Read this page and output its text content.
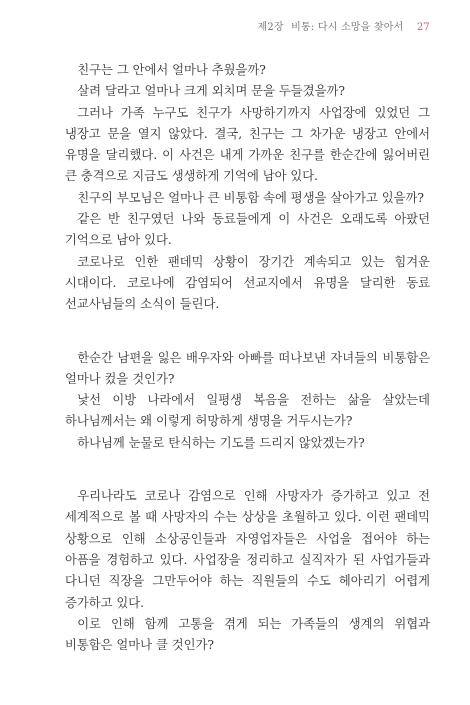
제2장 비통: 다시 소망을 찾아서 27

친구는 그 안에서 얼마나 추웠을까?

살려 달라고 얼마나 크게 외치며 문을 두들겼을까?

그러나 가족 누구도 친구가 사망하기까지 사업장에 있었던 그 냉장고 문을 열지 않았다. 결국, 친구는 그 차가운 냉장고 안에서 유명을 달리했다. 이 사건은 내게 가까운 친구를 한순간에 잃어버린 큰 충격으로 지금도 생생하게 기억에 남아 있다.

친구의 부모님은 얼마나 큰 비통함 속에 평생을 살아가고 있을까?

같은 반 친구였던 나와 동료들에게 이 사건은 오래도록 아팠던 기억으로 남아 있다.

코로나로 인한 팬데믹 상황이 장기간 계속되고 있는 힘겨운 시대이다. 코로나에 감염되어 선교지에서 유명을 달리한 동료 선교사님들의 소식이 들린다.

한순간 남편을 잃은 배우자와 아빠를 떠나보낸 자녀들의 비통함은 얼마나 컸을 것인가?

낯선 이방 나라에서 일평생 복음을 전하는 삶을 살았는데 하나님께서는 왜 이렇게 허망하게 생명을 거두시는가?

하나님께 눈물로 탄식하는 기도를 드리지 않았겠는가?

우리나라도 코로나 감염으로 인해 사망자가 증가하고 있고 전 세계적으로 볼 때 사망자의 수는 상상을 초월하고 있다. 이런 팬데믹 상황으로 인해 소상공인들과 자영업자들은 사업을 접어야 하는 아픔을 경험하고 있다. 사업장을 정리하고 실직자가 된 사업가들과 다니던 직장을 그만두어야 하는 직원들의 수도 헤아리기 어렵게 증가하고 있다.

이로 인해 함께 고통을 겪게 되는 가족들의 생계의 위협과 비통함은 얼마나 클 것인가?
